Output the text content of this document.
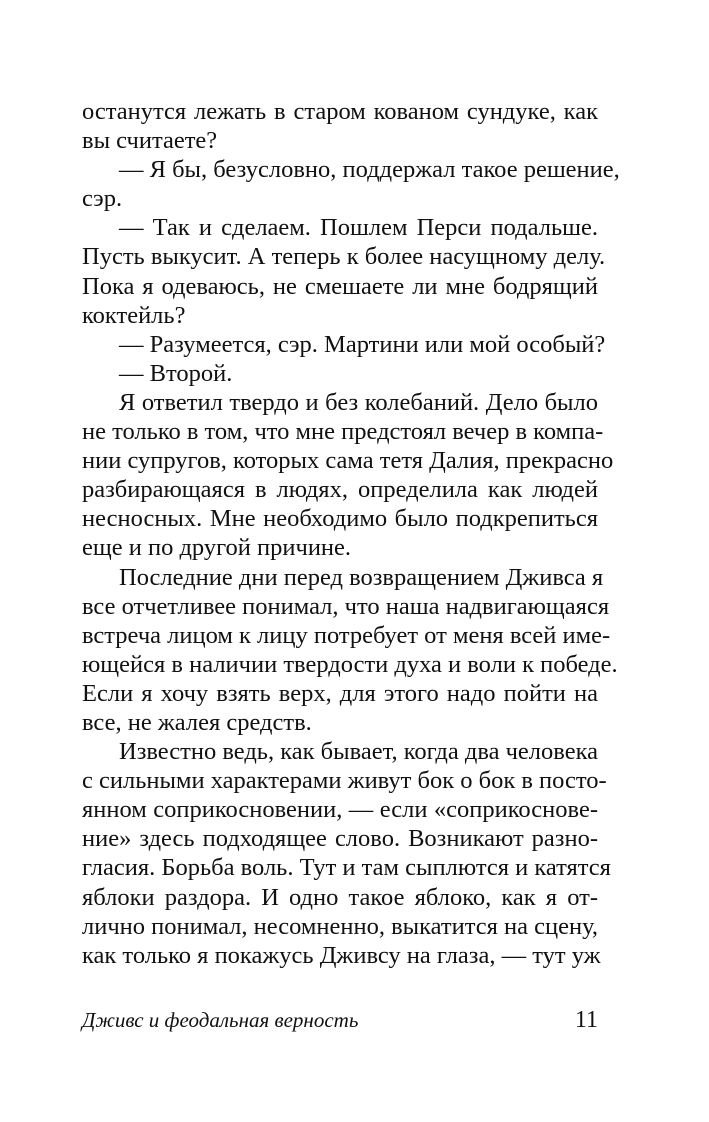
останутся лежать в старом кованом сундуке, как
вы считаете?
— Я бы, безусловно, поддержал такое решение,
сэр.
— Так и сделаем. Пошлем Перси подальше.
Пусть выкусит. А теперь к более насущному делу.
Пока я одеваюсь, не смешаете ли мне бодрящий
коктейль?
— Разумеется, сэр. Мартини или мой особый?
— Второй.
Я ответил твердо и без колебаний. Дело было
не только в том, что мне предстоял вечер в компа-
нии супругов, которых сама тетя Далия, прекрасно
разбирающаяся в людях, определила как людей
несносных. Мне необходимо было подкрепиться
еще и по другой причине.
Последние дни перед возвращением Дживса я
все отчетливее понимал, что наша надвигающаяся
встреча лицом к лицу потребует от меня всей име-
ющейся в наличии твердости духа и воли к победе.
Если я хочу взять верх, для этого надо пойти на
все, не жалея средств.
Известно ведь, как бывает, когда два человека
с сильными характерами живут бок о бок в посто-
янном соприкосновении, — если «соприкоснове-
ние» здесь подходящее слово. Возникают разно-
гласия. Борьба воль. Тут и там сыплются и катятся
яблоки раздора. И одно такое яблоко, как я от-
лично понимал, несомненно, выкатится на сцену,
как только я покажусь Дживсу на глаза, — тут уж
Дживс и феодальная верность	11
